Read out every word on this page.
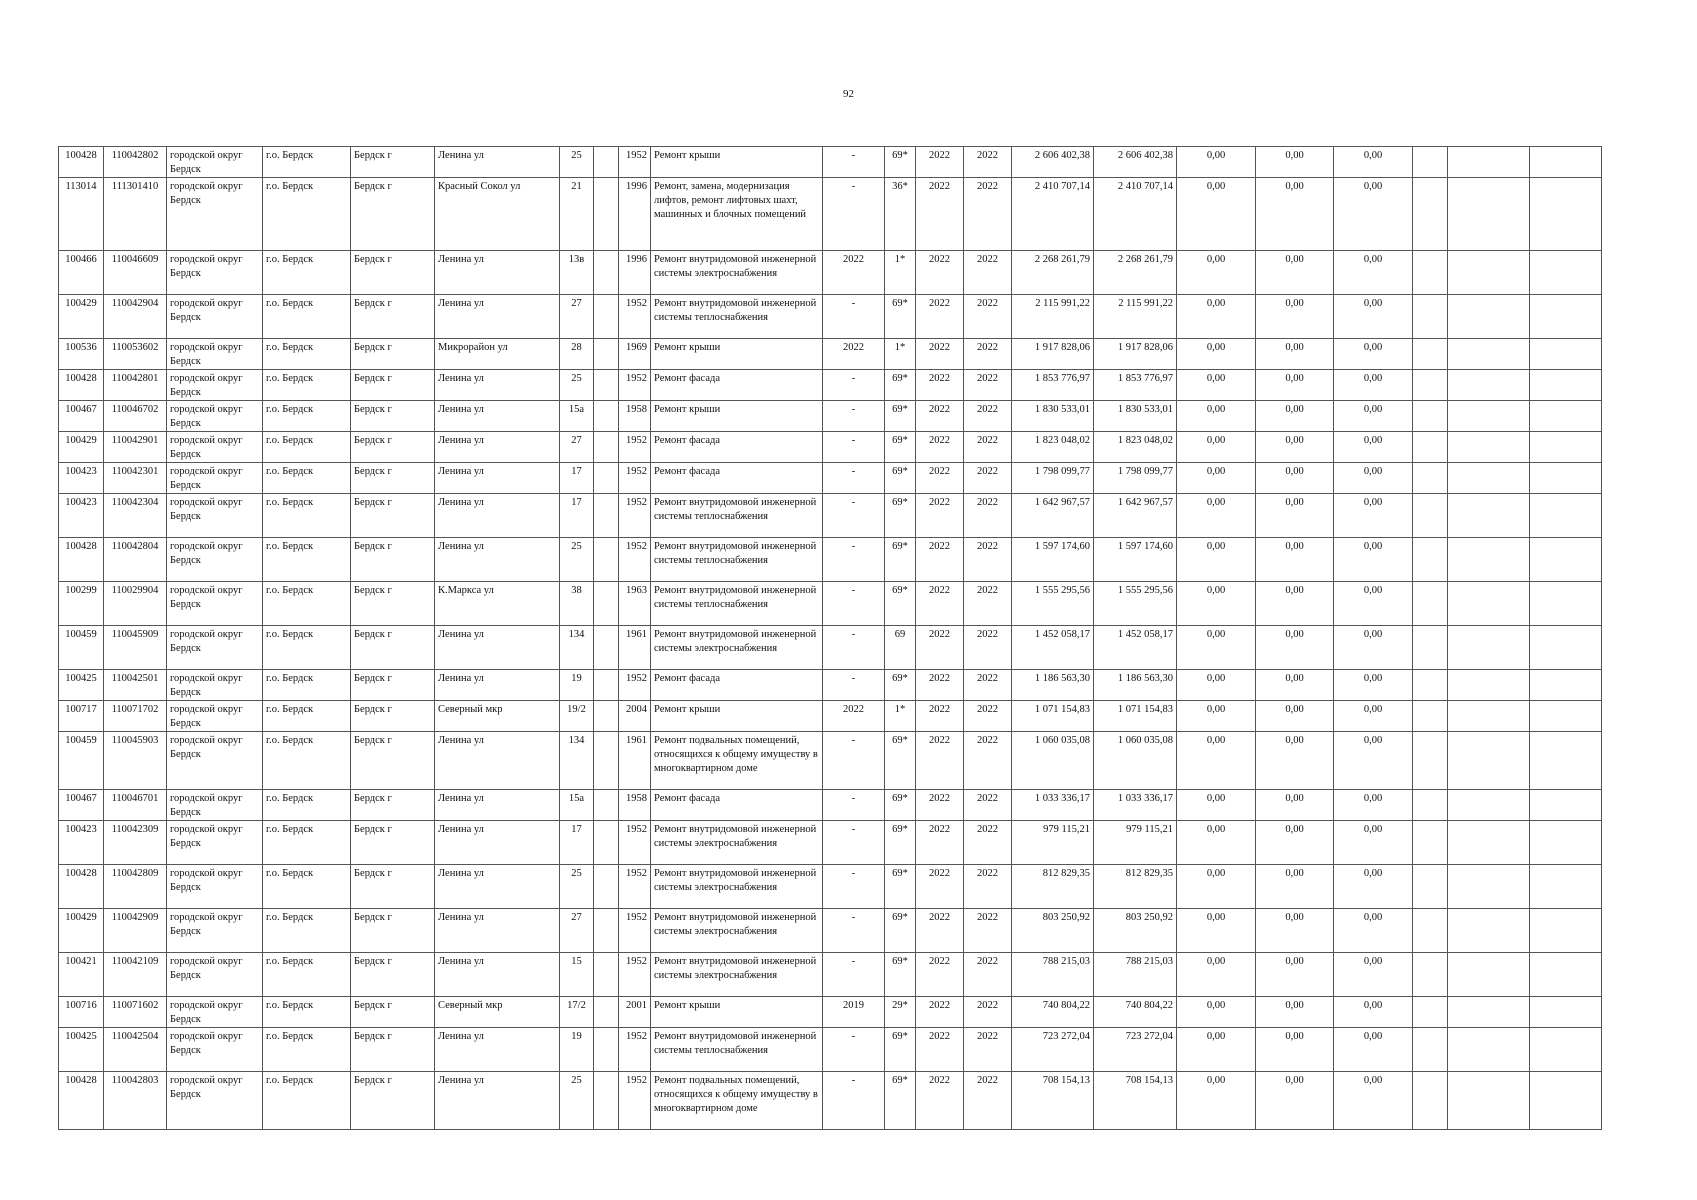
92
100428	110042802	городской округ Бердск	г.о. Бердск	Бердск г	Ленина ул	25		1952	Ремонт крыши	-	69*	2022	2022	2 606 402,38	2 606 402,38	0,00	0,00	0,00			
113014	111301410	городской округ Бердск	г.о. Бердск	Бердск г	Красный Сокол ул	21		1996	Ремонт, замена, модернизация лифтов, ремонт лифтовых шахт, машинных и блочных помещений	-	36*	2022	2022	2 410 707,14	2 410 707,14	0,00	0,00	0,00			
100466	110046609	городской округ Бердск	г.о. Бердск	Бердск г	Ленина ул	13в		1996	Ремонт внутридомовой инженерной системы электроснабжения	2022	1*	2022	2022	2 268 261,79	2 268 261,79	0,00	0,00	0,00			
100429	110042904	городской округ Бердск	г.о. Бердск	Бердск г	Ленина ул	27		1952	Ремонт внутридомовой инженерной системы теплоснабжения	-	69*	2022	2022	2 115 991,22	2 115 991,22	0,00	0,00	0,00			
100536	110053602	городской округ Бердск	г.о. Бердск	Бердск г	Микрорайон ул	28		1969	Ремонт крыши	2022	1*	2022	2022	1 917 828,06	1 917 828,06	0,00	0,00	0,00			
100428	110042801	городской округ Бердск	г.о. Бердск	Бердск г	Ленина ул	25		1952	Ремонт фасада	-	69*	2022	2022	1 853 776,97	1 853 776,97	0,00	0,00	0,00			
100467	110046702	городской округ Бердск	г.о. Бердск	Бердск г	Ленина ул	15а		1958	Ремонт крыши	-	69*	2022	2022	1 830 533,01	1 830 533,01	0,00	0,00	0,00			
100429	110042901	городской округ Бердск	г.о. Бердск	Бердск г	Ленина ул	27		1952	Ремонт фасада	-	69*	2022	2022	1 823 048,02	1 823 048,02	0,00	0,00	0,00			
100423	110042301	городской округ Бердск	г.о. Бердск	Бердск г	Ленина ул	17		1952	Ремонт фасада	-	69*	2022	2022	1 798 099,77	1 798 099,77	0,00	0,00	0,00			
100423	110042304	городской округ Бердск	г.о. Бердск	Бердск г	Ленина ул	17		1952	Ремонт внутридомовой инженерной системы теплоснабжения	-	69*	2022	2022	1 642 967,57	1 642 967,57	0,00	0,00	0,00			
100428	110042804	городской округ Бердск	г.о. Бердск	Бердск г	Ленина ул	25		1952	Ремонт внутридомовой инженерной системы теплоснабжения	-	69*	2022	2022	1 597 174,60	1 597 174,60	0,00	0,00	0,00			
100299	110029904	городской округ Бердск	г.о. Бердск	Бердск г	К.Маркса ул	38		1963	Ремонт внутридомовой инженерной системы теплоснабжения	-	69*	2022	2022	1 555 295,56	1 555 295,56	0,00	0,00	0,00			
100459	110045909	городской округ Бердск	г.о. Бердск	Бердск г	Ленина ул	134		1961	Ремонт внутридомовой инженерной системы электроснабжения	-	69	2022	2022	1 452 058,17	1 452 058,17	0,00	0,00	0,00			
100425	110042501	городской округ Бердск	г.о. Бердск	Бердск г	Ленина ул	19		1952	Ремонт фасада	-	69*	2022	2022	1 186 563,30	1 186 563,30	0,00	0,00	0,00			
100717	110071702	городской округ Бердск	г.о. Бердск	Бердск г	Северный мкр	19/2		2004	Ремонт крыши	2022	1*	2022	2022	1 071 154,83	1 071 154,83	0,00	0,00	0,00			
100459	110045903	городской округ Бердск	г.о. Бердск	Бердск г	Ленина ул	134		1961	Ремонт подвальных помещений, относящихся к общему имуществу в многоквартирном доме	-	69*	2022	2022	1 060 035,08	1 060 035,08	0,00	0,00	0,00			
100467	110046701	городской округ Бердск	г.о. Бердск	Бердск г	Ленина ул	15а		1958	Ремонт фасада	-	69*	2022	2022	1 033 336,17	1 033 336,17	0,00	0,00	0,00			
100423	110042309	городской округ Бердск	г.о. Бердск	Бердск г	Ленина ул	17		1952	Ремонт внутридомовой инженерной системы электроснабжения	-	69*	2022	2022	979 115,21	979 115,21	0,00	0,00	0,00			
100428	110042809	городской округ Бердск	г.о. Бердск	Бердск г	Ленина ул	25		1952	Ремонт внутридомовой инженерной системы электроснабжения	-	69*	2022	2022	812 829,35	812 829,35	0,00	0,00	0,00			
100429	110042909	городской округ Бердск	г.о. Бердск	Бердск г	Ленина ул	27		1952	Ремонт внутридомовой инженерной системы электроснабжения	-	69*	2022	2022	803 250,92	803 250,92	0,00	0,00	0,00			
100421	110042109	городской округ Бердск	г.о. Бердск	Бердск г	Ленина ул	15		1952	Ремонт внутридомовой инженерной системы электроснабжения	-	69*	2022	2022	788 215,03	788 215,03	0,00	0,00	0,00			
100716	110071602	городской округ Бердск	г.о. Бердск	Бердск г	Северный мкр	17/2		2001	Ремонт крыши	2019	29*	2022	2022	740 804,22	740 804,22	0,00	0,00	0,00			
100425	110042504	городской округ Бердск	г.о. Бердск	Бердск г	Ленина ул	19		1952	Ремонт внутридомовой инженерной системы теплоснабжения	-	69*	2022	2022	723 272,04	723 272,04	0,00	0,00	0,00			
100428	110042803	городской округ Бердск	г.о. Бердск	Бердск г	Ленина ул	25		1952	Ремонт подвальных помещений, относящихся к общему имуществу в многоквартирном доме	-	69*	2022	2022	708 154,13	708 154,13	0,00	0,00	0,00			
